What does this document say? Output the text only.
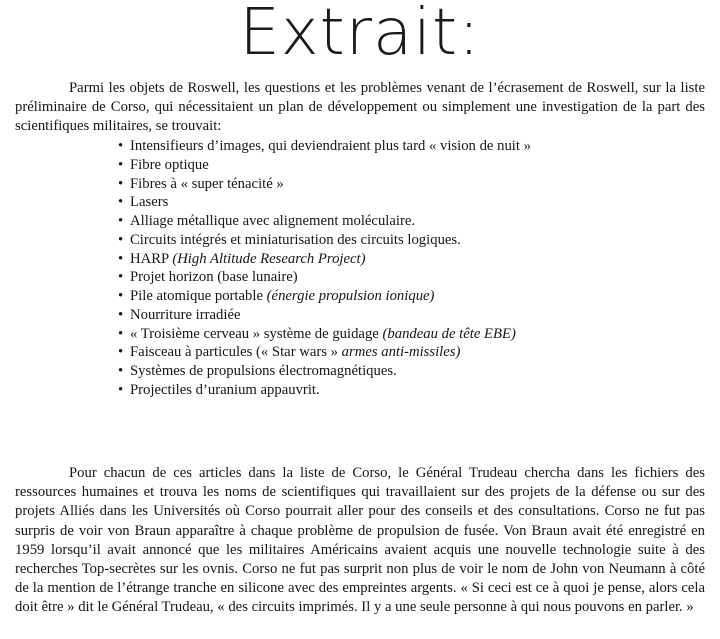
Extrait:

Parmi les objets de Roswell, les questions et les problèmes venant de l’écrasement de Roswell, sur la liste préliminaire de Corso, qui nécessitaient un plan de développement ou simplement une investigation de la part des scientifiques militaires, se trouvait:

• Intensifieurs d’images, qui deviendraient plus tard « vision de nuit »
• Fibre optique
• Fibres à « super ténacité »
• Lasers
• Alliage métallique avec alignement moléculaire.
• Circuits intégrés et miniaturisation des circuits logiques.
• HARP (High Altitude Research Project)
• Projet horizon (base lunaire)
• Pile atomique portable (énergie propulsion ionique)
• Nourriture irradiée
• « Troisième cerveau » système de guidage (bandeau de tête EBE)
• Faisceau à particules (« Star wars » armes anti-missiles)
• Systèmes de propulsions électromagnétiques.
• Projectiles d’uranium appauvrit.

Pour chacun de ces articles dans la liste de Corso, le Général Trudeau chercha dans les fichiers des ressources humaines et trouva les noms de scientifiques qui travaillaient sur des projets de la défense ou sur des projets Alliés dans les Universités où Corso pourrait aller pour des conseils et des consultations. Corso ne fut pas surpris de voir von Braun apparaître à chaque problème de propulsion de fusée. Von Braun avait été enregistré en 1959 lorsqu’il avait annoncé que les militaires Américains avaient acquis une nouvelle technologie suite à des recherches Top-secrètes sur les ovnis. Corso ne fut pas surprit non plus de voir le nom de John von Neumann à côté de la mention de l’étrange tranche en silicone avec des empreintes argents. « Si ceci est ce à quoi je pense, alors cela doit être » dit le Général Trudeau, « des circuits imprimés. Il y a une seule personne à qui nous pouvons en parler. »
